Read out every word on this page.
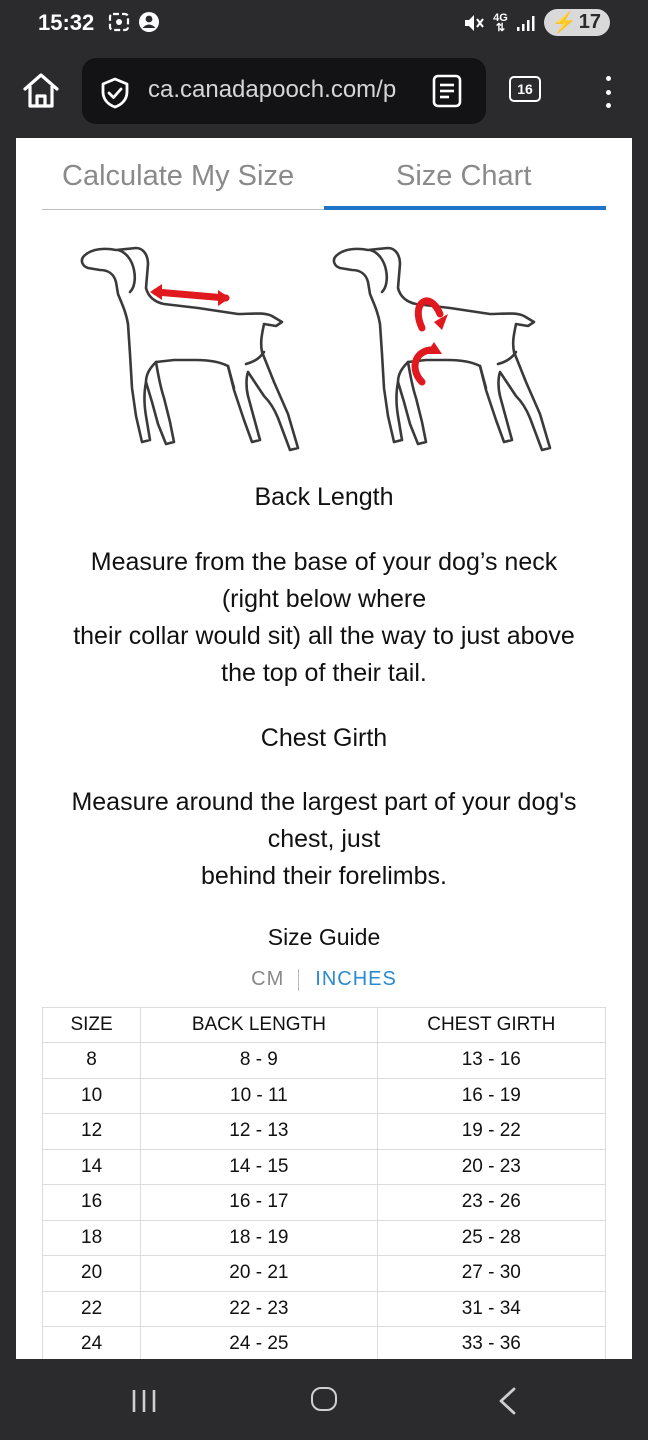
15:32	4G
⇅ ⚡ 17
ca.canadapooch.com/p	16
Calculate My Size	Size Chart
Back Length
Measure from the base of your dog’s neck
(right below where
their collar would sit) all the way to just above
the top of their tail.
Chest Girth
Measure around the largest part of your dog's
chest, just
behind their forelimbs.
Size Guide
CM	INCHES
SIZE	BACK LENGTH	CHEST GIRTH
8	8 - 9	13 - 16
10	10 - 11	16 - 19
12	12 - 13	19 - 22
14	14 - 15	20 - 23
16	16 - 17	23 - 26
18	18 - 19	25 - 28
20	20 - 21	27 - 30
22	22 - 23	31 - 34
24	24 - 25	33 - 36
